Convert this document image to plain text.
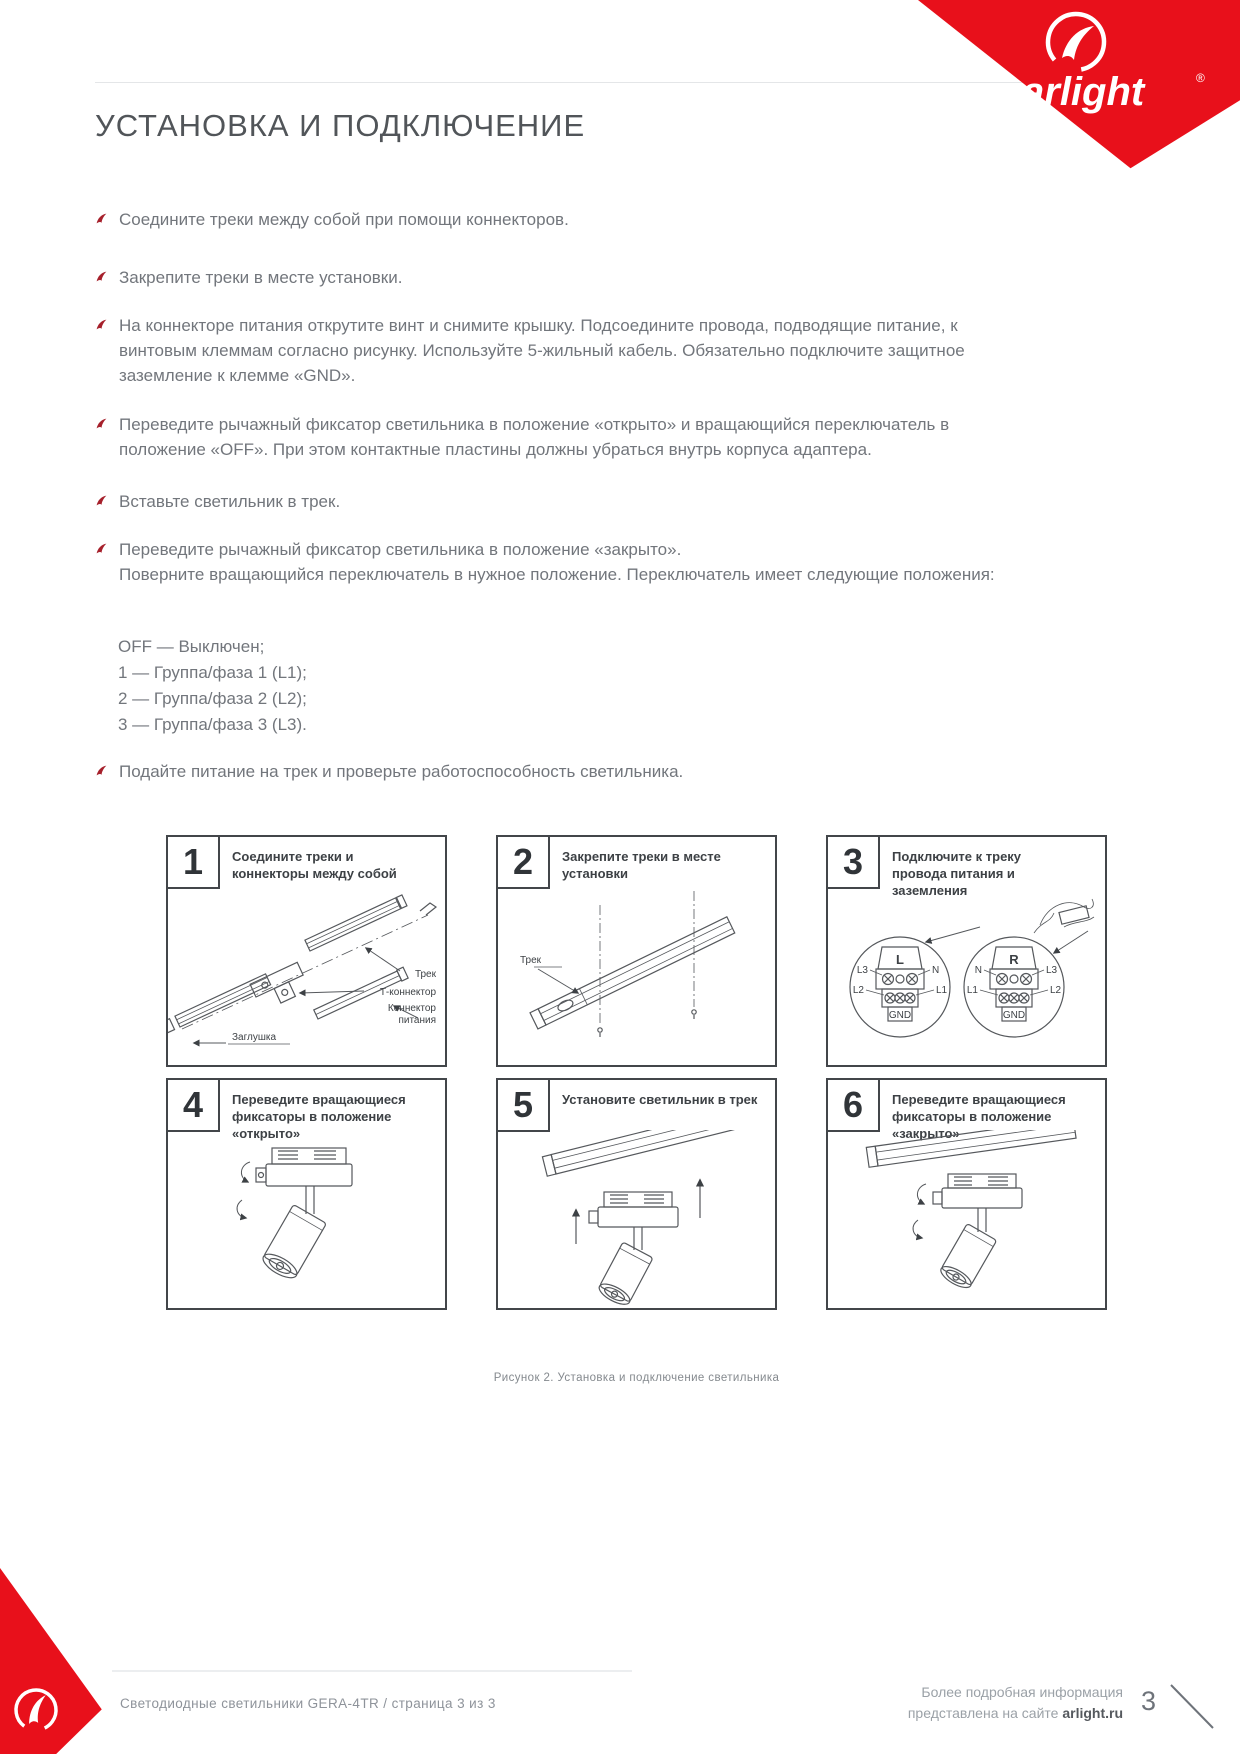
arlight	®
УСТАНОВКА И ПОДКЛЮЧЕНИЕ
Соедините треки между собой при помощи коннекторов.
Закрепите треки в месте установки.
На коннекторе питания открутите винт и снимите крышку. Подсоедините провода, подводящие питание, к винтовым клеммам согласно рисунку. Используйте 5-жильный кабель. Обязательно подключите защитное заземление к клемме «GND».
Переведите рычажный фиксатор светильника в положение «открыто» и вращающийся переключатель в положение «OFF». При этом контактные пластины должны убраться внутрь корпуса адаптера.
Вставьте светильник в трек.
Переведите рычажный фиксатор светильника в положение «закрыто».
Поверните вращающийся переключатель в нужное положение. Переключатель имеет следующие положения:
OFF — Выключен;
1 — Группа/фаза 1 (L1);
2 — Группа/фаза 2 (L2);
3 — Группа/фаза 3 (L3).
Подайте питание на трек и проверьте работоспособность светильника.
1	Соедините треки и коннекторы между собой
Трек
Т-коннектор
Коннектор
питания
Заглушка
2	Закрепите треки в месте установки
Трек
3	Подключите к треку провода питания и заземления
L
GND
L3	N
L2	L1
R
GND
N	L3
L1	L2
4	Переведите вращающиеся фиксаторы в положение «открыто»
5	Установите светильник в трек	6	Переведите вращающиеся фиксаторы в положение «закрыто»
Рисунок 2. Установка и подключение светильника
Светодиодные светильники GERA-4TR / страница 3 из 3
Более подробная информация
представлена на сайте arlight.ru 3
